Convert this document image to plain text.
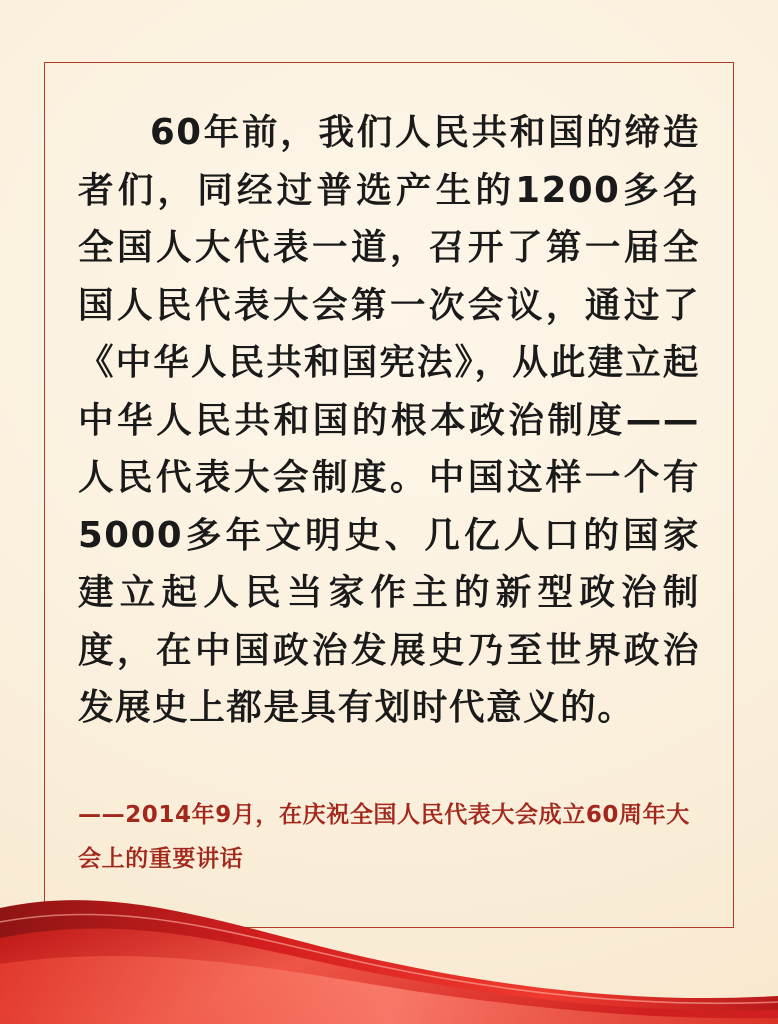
60年前，我们人民共和国的缔造者们，同经过普选产生的1200多名全国人大代表一道，召开了第一届全国人民代表大会第一次会议，通过了《中华人民共和国宪法》，从此建立起中华人民共和国的根本政治制度——人民代表大会制度。中国这样一个有5000多年文明史、几亿人口的国家建立起人民当家作主的新型政治制度，在中国政治发展史乃至世界政治发展史上都是具有划时代意义的。

——2014年9月，在庆祝全国人民代表大会成立60周年大会上的重要讲话
